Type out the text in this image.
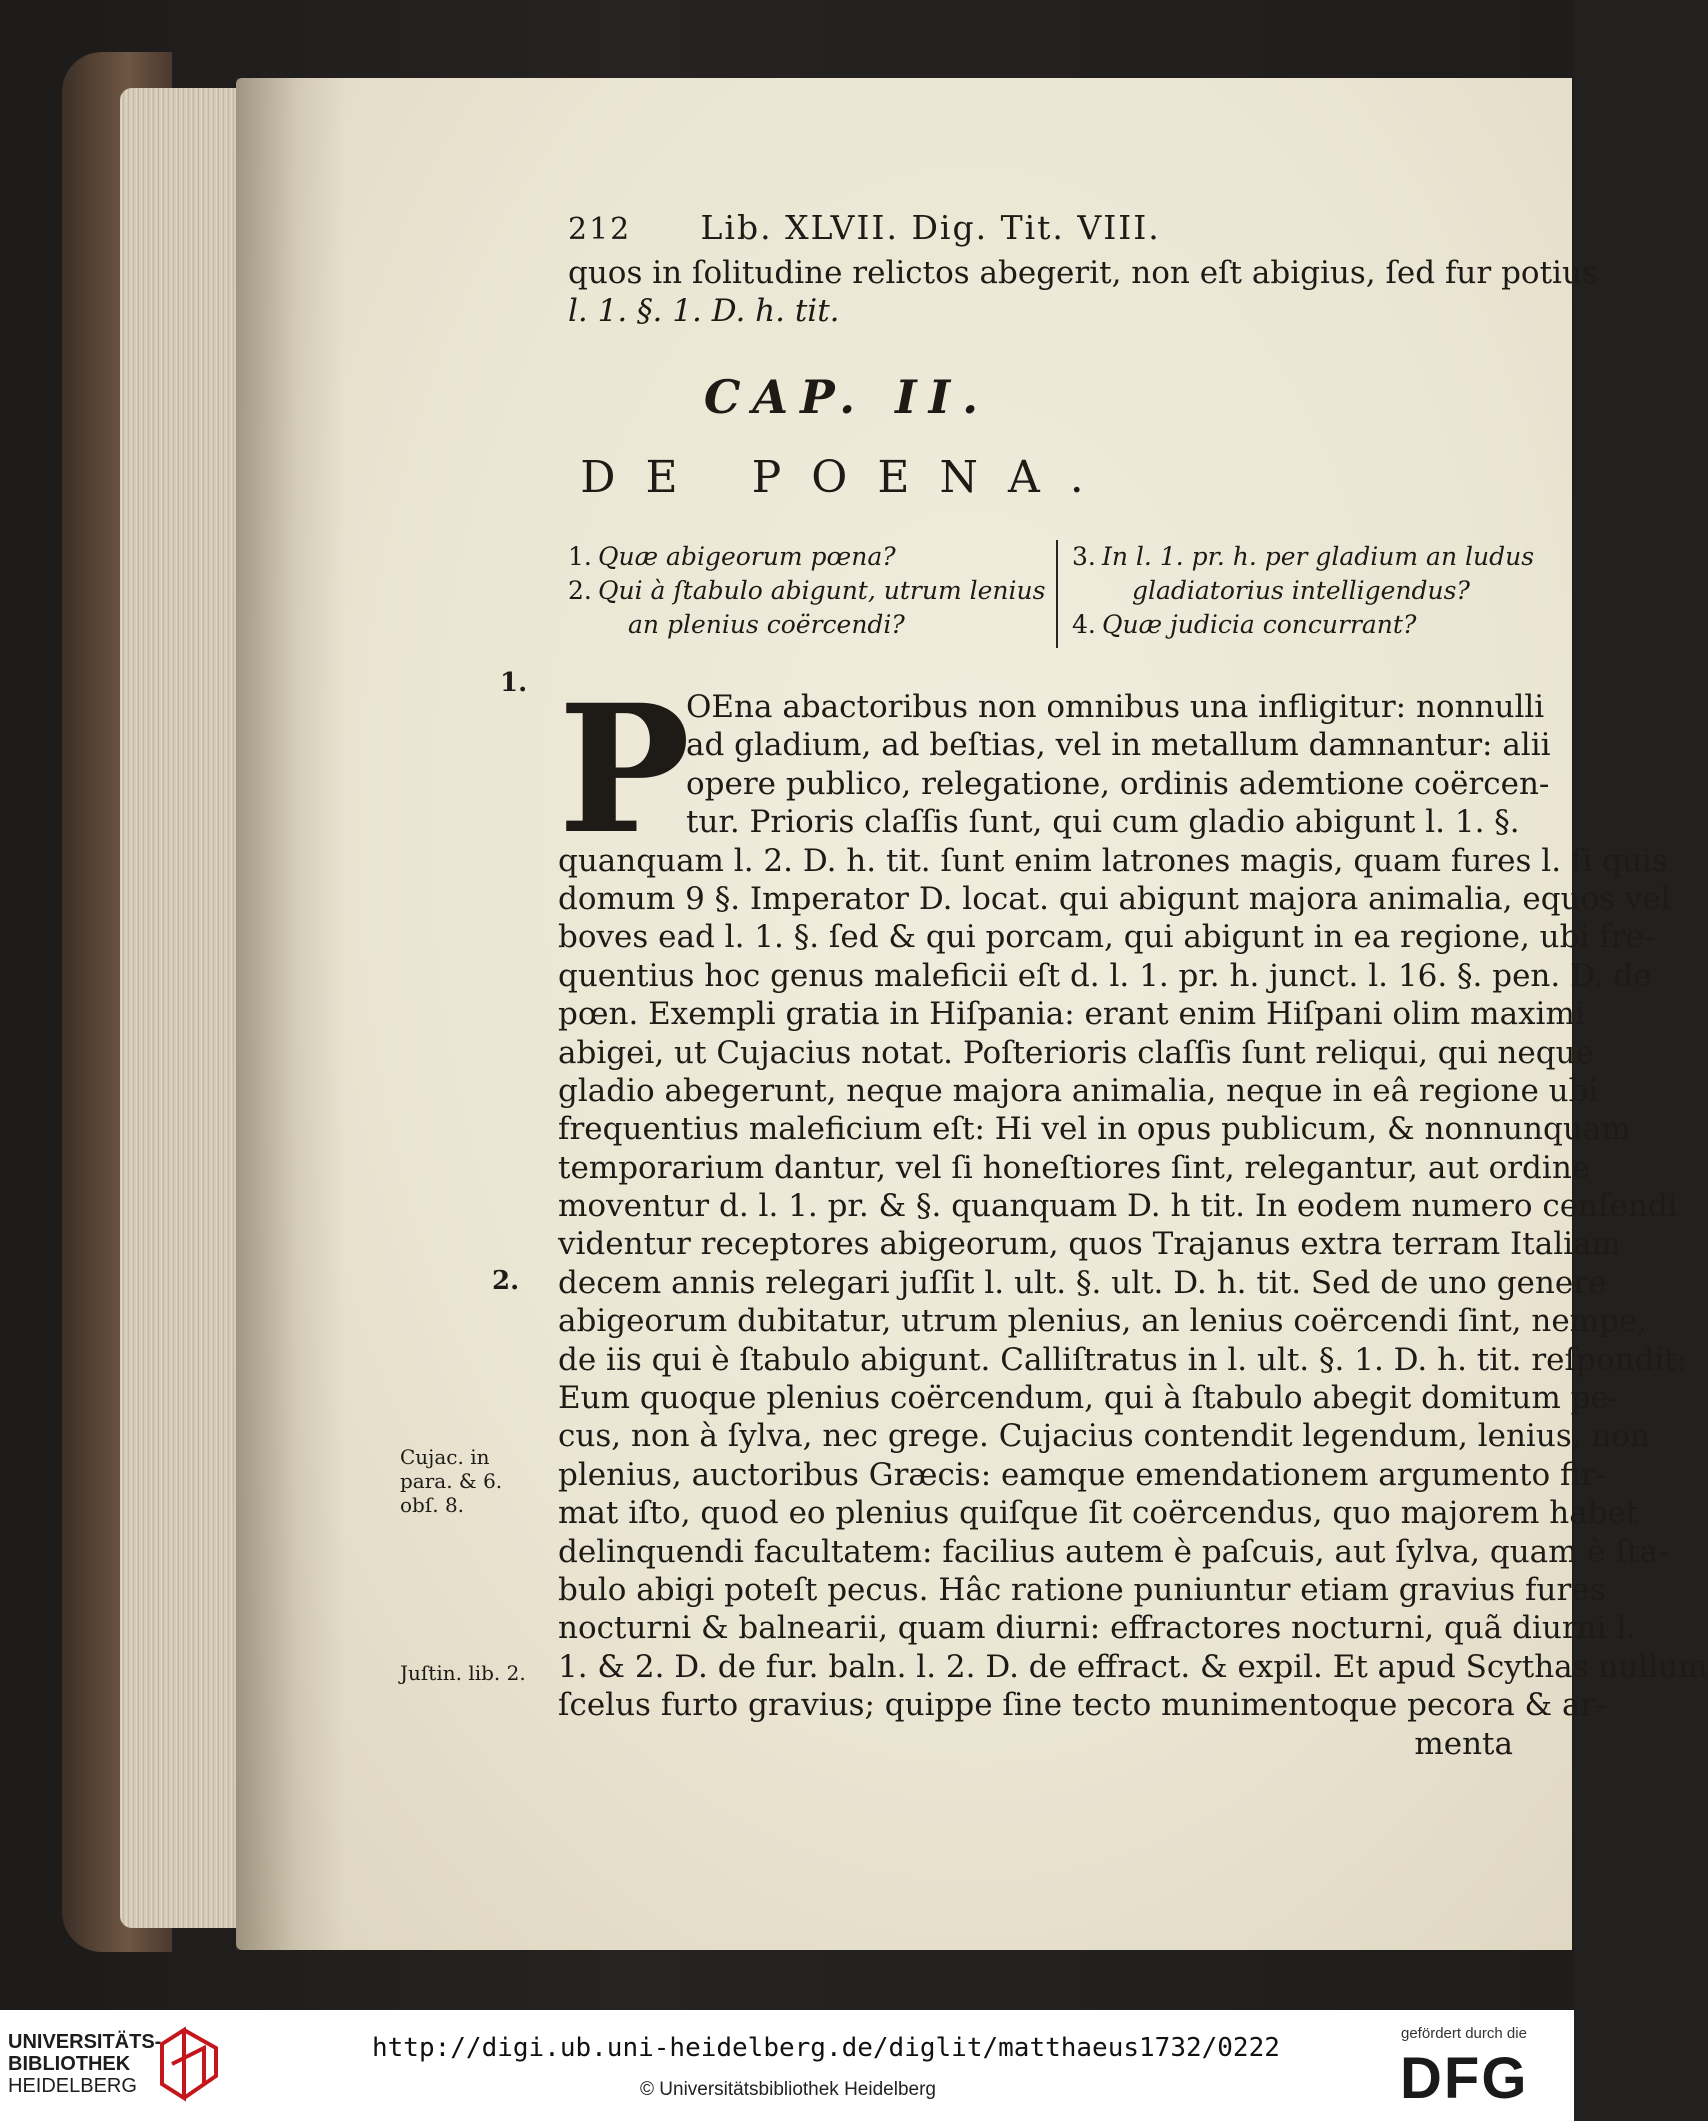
212 Lib. XLVII. Dig. Tit. VIII.
quos in ſolitudine relictos abegerit, non eſt abigius, ſed fur potius
l. 1. §. 1. D. h. tit.
CAP. II.
DE POENA.
1. Quæ abigeorum pœna?
2. Qui à ſtabulo abigunt, utrum lenius
an plenius coërcendi?
3. In l. 1. pr. h. per gladium an ludus
gladiatorius intelligendus?
4. Quæ judicia concurrant?
1.
2.
Cujac. in
para. & 6.
obſ. 8.
Juſtin. lib. 2.
P
OEna abactoribus non omnibus una infligitur: nonnulli
ad gladium, ad beſtias, vel in metallum damnantur: alii
opere publico, relegatione, ordinis ademtione coërcen-
tur. Prioris claſſis ſunt, qui cum gladio abigunt l. 1. §.
quanquam l. 2. D. h. tit. ſunt enim latrones magis, quam fures l. ſi quis
domum 9 §. Imperator D. locat. qui abigunt majora animalia, equos vel
boves ead l. 1. §. ſed & qui porcam, qui abigunt in ea regione, ubi fre-
quentius hoc genus maleficii eſt d. l. 1. pr. h. junct. l. 16. §. pen. D. de
pœn. Exempli gratia in Hiſpania: erant enim Hiſpani olim maximi
abigei, ut Cujacius notat. Poſterioris claſſis ſunt reliqui, qui neque
gladio abegerunt, neque majora animalia, neque in eâ regione ubi
frequentius maleficium eſt: Hi vel in opus publicum, & nonnunquam
temporarium dantur, vel ſi honeſtiores ſint, relegantur, aut ordine
moventur d. l. 1. pr. & §. quanquam D. h tit. In eodem numero cenſendi
videntur receptores abigeorum, quos Trajanus extra terram Italiam
decem annis relegari juſſit l. ult. §. ult. D. h. tit. Sed de uno genere
abigeorum dubitatur, utrum plenius, an lenius coërcendi ſint, nempe,
de iis qui è ſtabulo abigunt. Calliſtratus in l. ult. §. 1. D. h. tit. reſpondit:
Eum quoque plenius coërcendum, qui à ſtabulo abegit domitum pe-
cus, non à ſylva, nec grege. Cujacius contendit legendum, lenius, non
plenius, auctoribus Græcis: eamque emendationem argumento fir-
mat iſto, quod eo plenius quiſque ſit coërcendus, quo majorem habet
delinquendi facultatem: facilius autem è paſcuis, aut ſylva, quam è ſta-
bulo abigi poteſt pecus. Hâc ratione puniuntur etiam gravius fures
nocturni & balnearii, quam diurni: effractores nocturni, quã diurni l.
1. & 2. D. de fur. baln. l. 2. D. de effract. & expil. Et apud Scythas nullum
ſcelus furto gravius; quippe ſine tecto munimentoque pecora & ar-
menta
UNIVERSITÄTS-
BIBLIOTHEK
HEIDELBERG
http://digi.ub.uni-heidelberg.de/diglit/matthaeus1732/0222
© Universitätsbibliothek Heidelberg
gefördert durch die
DFG
